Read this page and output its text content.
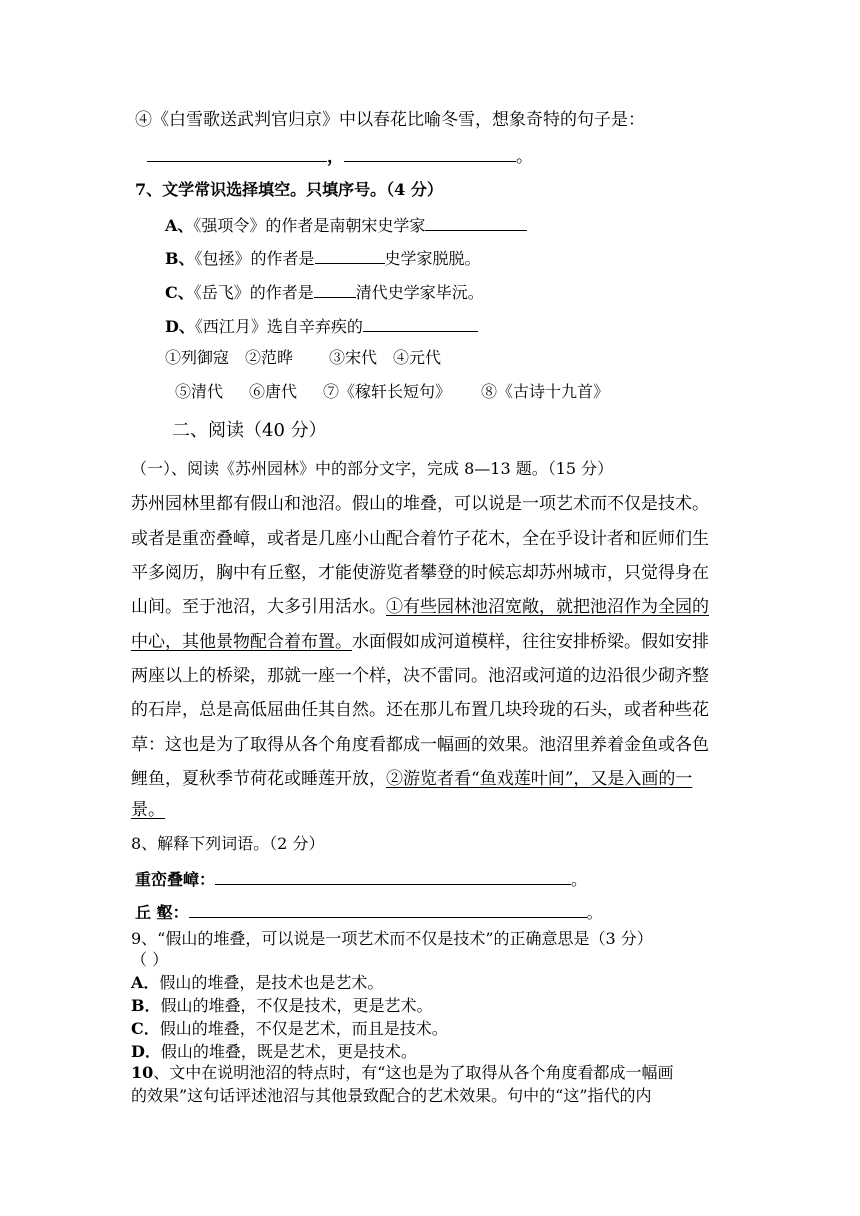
④《白雪歌送武判官归京》中以春花比喻冬雪，想象奇特的句子是：
，	。
7、文学常识选择填空。只填序号。（4 分）
A、《强项令》的作者是南朝宋史学家
B、《包拯》的作者是	史学家脱脱。
C、《岳飞》的作者是	清代史学家毕沅。
D、《西江月》选自辛弃疾的
①列御寇 ②范晔 ③宋代 ④元代
⑤清代 ⑥唐代 ⑦《稼轩长短句》 ⑧《古诗十九首》
二、阅读（40 分）
（一）、阅读《苏州园林》中的部分文字，完成 8—13 题。（15 分）
苏州园林里都有假山和池沼。假山的堆叠，可以说是一项艺术而不仅是技术。
或者是重峦叠嶂，或者是几座小山配合着竹子花木，全在乎设计者和匠师们生
平多阅历，胸中有丘壑，才能使游览者攀登的时候忘却苏州城市，只觉得身在
山间。至于池沼，大多引用活水。①有些园林池沼宽敞，就把池沼作为全园的
中心，其他景物配合着布置。水面假如成河道模样，往往安排桥梁。假如安排
两座以上的桥梁，那就一座一个样，决不雷同。池沼或河道的边沿很少砌齐整
的石岸，总是高低屈曲任其自然。还在那儿布置几块玲珑的石头，或者种些花
草：这也是为了取得从各个角度看都成一幅画的效果。池沼里养着金鱼或各色
鲤鱼，夏秋季节荷花或睡莲开放，②游览者看“鱼戏莲叶间”，又是入画的一
景。
8、解释下列词语。（2 分）
重峦叠嶂：	。
丘 壑：	。
9、“假山的堆叠，可以说是一项艺术而不仅是技术”的正确意思是（3 分）
（ ）
A．假山的堆叠，是技术也是艺术。
B．假山的堆叠，不仅是技术，更是艺术。
C．假山的堆叠，不仅是艺术，而且是技术。
D．假山的堆叠，既是艺术，更是技术。
10、文中在说明池沼的特点时，有“这也是为了取得从各个角度看都成一幅画
的效果”这句话评述池沼与其他景致配合的艺术效果。句中的“这”指代的内
